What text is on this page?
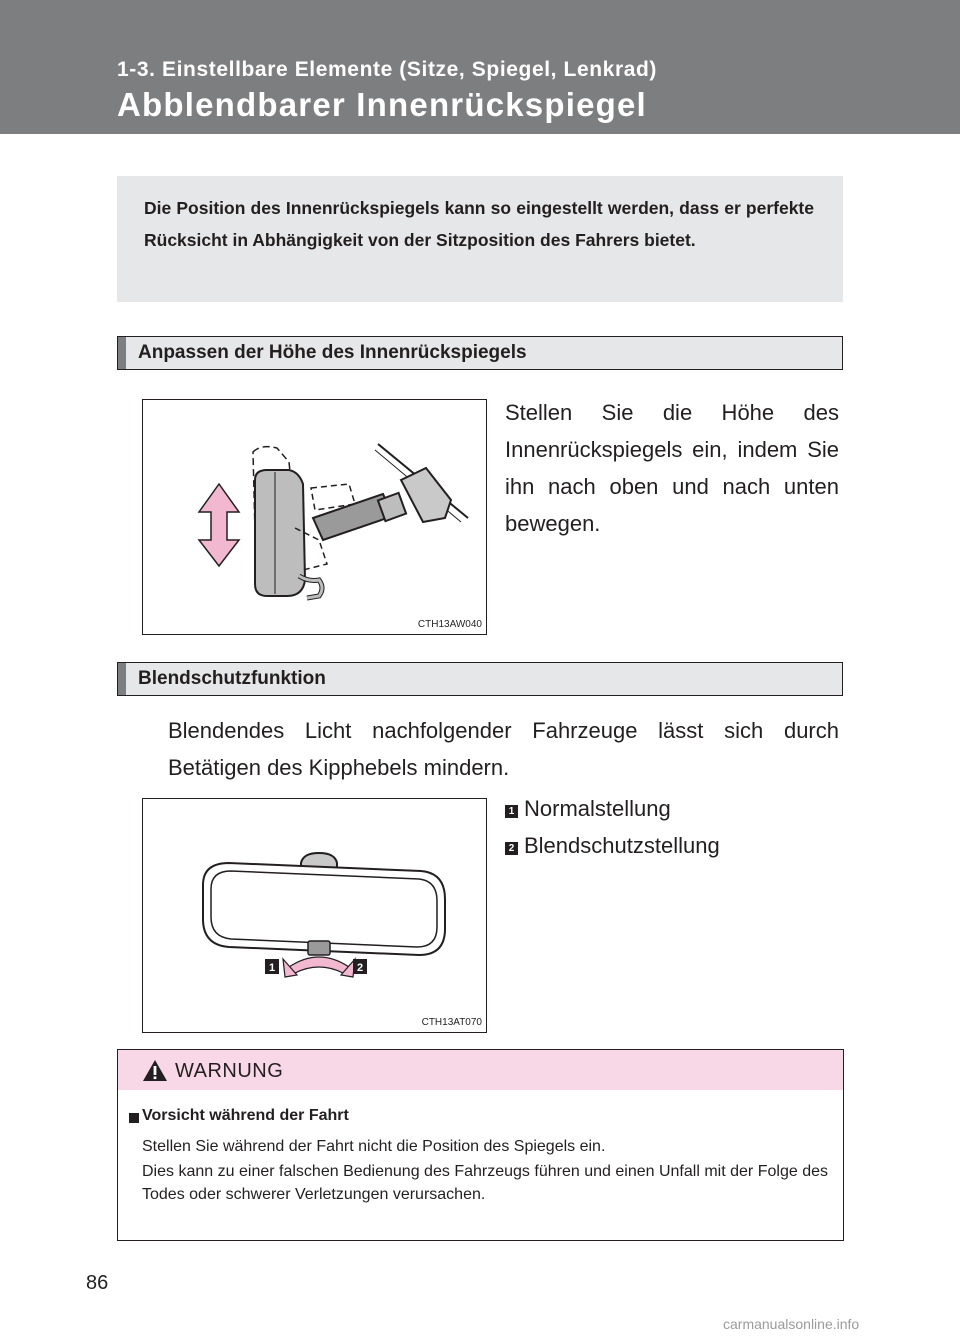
1-3. Einstellbare Elemente (Sitze, Spiegel, Lenkrad)
Abblendbarer Innenrückspiegel

Die Position des Innenrückspiegels kann so eingestellt werden, dass er perfekte Rücksicht in Abhängigkeit von der Sitzposition des Fahrers bietet.

Anpassen der Höhe des Innenrückspiegels
CTH13AW040
Stellen Sie die Höhe des Innenrückspiegels ein, indem Sie ihn nach oben und nach unten bewegen.
Blendschutzfunktion
Blendendes Licht nachfolgender Fahrzeuge lässt sich durch Betätigen des Kipphebels mindern.
1 Normalstellung
2 Blendschutzstellung
1	2
CTH13AT070
WARNUNG
Vorsicht während der Fahrt
Stellen Sie während der Fahrt nicht die Position des Spiegels ein.
Dies kann zu einer falschen Bedienung des Fahrzeugs führen und einen Unfall mit der Folge des Todes oder schwerer Verletzungen verursachen.
86
carmanualsonline.info
